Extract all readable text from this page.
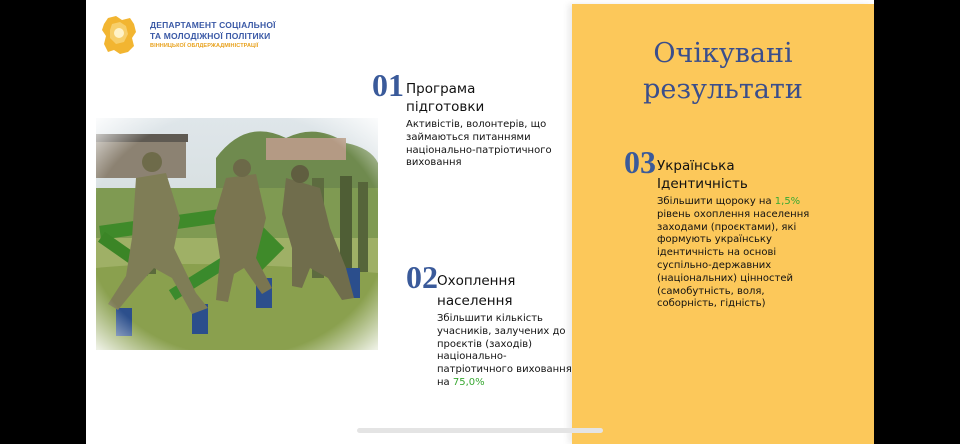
ДЕПАРТАМЕНТ СОЦІАЛЬНОЇ
ТА МОЛОДІЖНОЇ ПОЛІТИКИ
ВІННИЦЬКОЇ ОБЛДЕРЖАДМІНІСТРАЦІЇ
01 Програма
підготовки
Активістів, волонтерів, що
займаються питаннями
національно-патріотичного
виховання
02 Охоплення
населення
Збільшити кількість
учасників, залучених до
проєктів (заходів)
національно-
патріотичного виховання
на 75,0%
Очікувані
результати
03 Українська
Ідентичність
Збільшити щороку на 1,5%
рівень охоплення населення
заходами (проєктами), які
формують українську
ідентичність на основі
суспільно-державних
(національних) цінностей
(самобутність, воля,
соборність, гідність)
